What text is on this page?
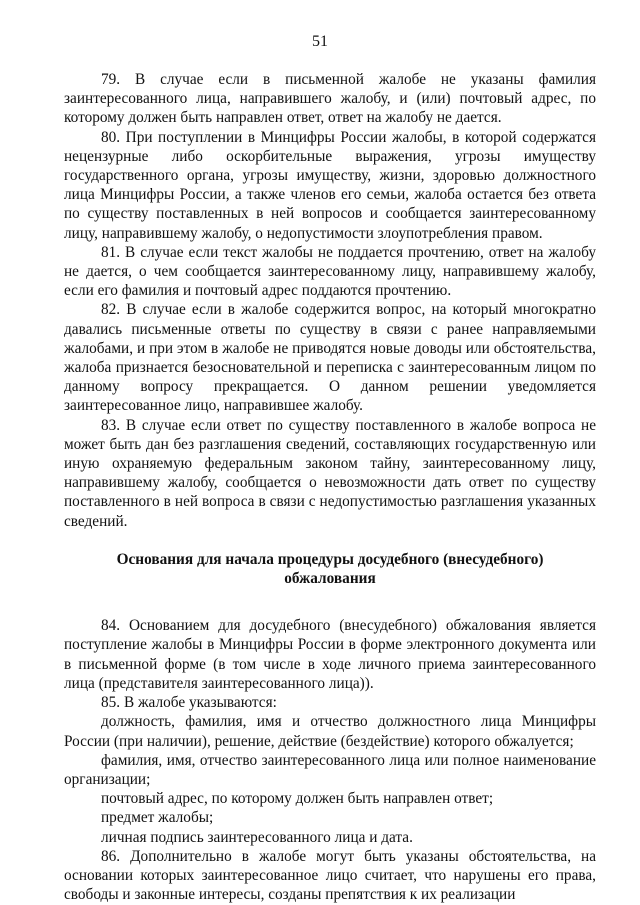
51

79. В случае если в письменной жалобе не указаны фамилия заинтересованного лица, направившего жалобу, и (или) почтовый адрес, по которому должен быть направлен ответ, ответ на жалобу не дается.

80. При поступлении в Минцифры России жалобы, в которой содержатся нецензурные либо оскорбительные выражения, угрозы имуществу государственного органа, угрозы имуществу, жизни, здоровью должностного лица Минцифры России, а также членов его семьи, жалоба остается без ответа по существу поставленных в ней вопросов и сообщается заинтересованному лицу, направившему жалобу, о недопустимости злоупотребления правом.

81. В случае если текст жалобы не поддается прочтению, ответ на жалобу не дается, о чем сообщается заинтересованному лицу, направившему жалобу, если его фамилия и почтовый адрес поддаются прочтению.

82. В случае если в жалобе содержится вопрос, на который многократно давались письменные ответы по существу в связи с ранее направляемыми жалобами, и при этом в жалобе не приводятся новые доводы или обстоятельства, жалоба признается безосновательной и переписка с заинтересованным лицом по данному вопросу прекращается. О данном решении уведомляется заинтересованное лицо, направившее жалобу.

83. В случае если ответ по существу поставленного в жалобе вопроса не может быть дан без разглашения сведений, составляющих государственную или иную охраняемую федеральным законом тайну, заинтересованному лицу, направившему жалобу, сообщается о невозможности дать ответ по существу поставленного в ней вопроса в связи с недопустимостью разглашения указанных сведений.

Основания для начала процедуры досудебного (внесудебного) обжалования

84. Основанием для досудебного (внесудебного) обжалования является поступление жалобы в Минцифры России в форме электронного документа или в письменной форме (в том числе в ходе личного приема заинтересованного лица (представителя заинтересованного лица)).

85. В жалобе указываются:

должность, фамилия, имя и отчество должностного лица Минцифры России (при наличии), решение, действие (бездействие) которого обжалуется;

фамилия, имя, отчество заинтересованного лица или полное наименование организации;

почтовый адрес, по которому должен быть направлен ответ;

предмет жалобы;

личная подпись заинтересованного лица и дата.

86. Дополнительно в жалобе могут быть указаны обстоятельства, на основании которых заинтересованное лицо считает, что нарушены его права, свободы и законные интересы, созданы препятствия к их реализации
